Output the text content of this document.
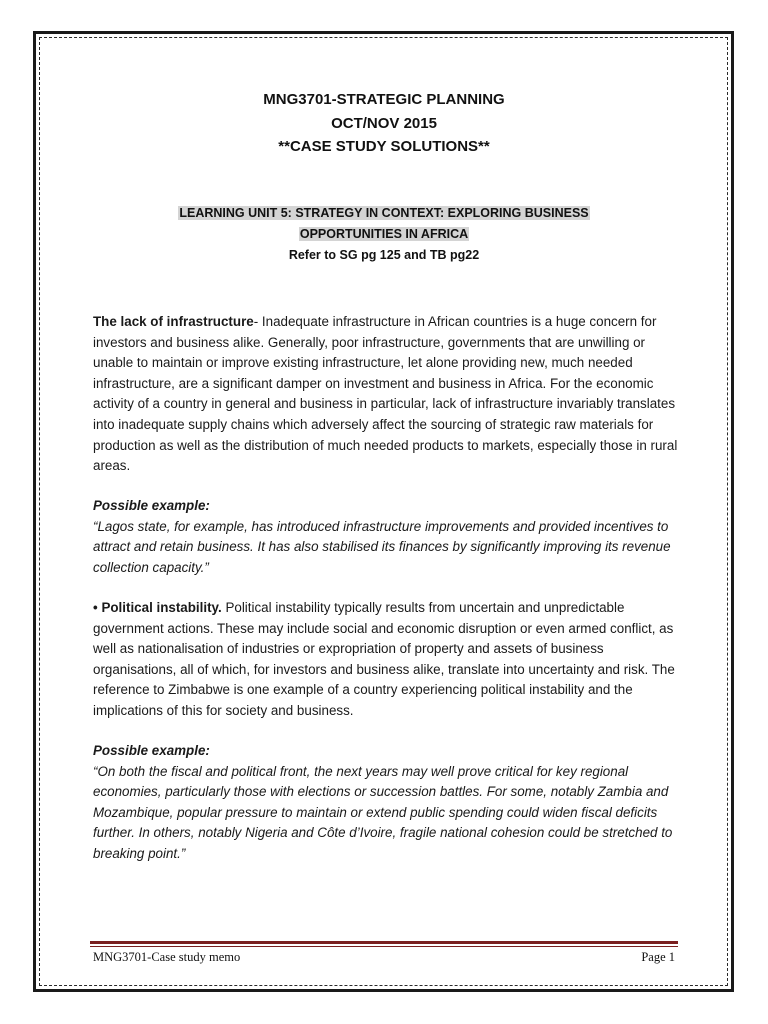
MNG3701-STRATEGIC PLANNING
OCT/NOV 2015
**CASE STUDY SOLUTIONS**
LEARNING UNIT 5: STRATEGY IN CONTEXT: EXPLORING BUSINESS
OPPORTUNITIES IN AFRICA
Refer to SG pg 125 and TB pg22

The lack of infrastructure- Inadequate infrastructure in African countries is a huge concern for investors and business alike. Generally, poor infrastructure, governments that are unwilling or unable to maintain or improve existing infrastructure, let alone providing new, much needed infrastructure, are a significant damper on investment and business in Africa. For the economic activity of a country in general and business in particular, lack of infrastructure invariably translates into inadequate supply chains which adversely affect the sourcing of strategic raw materials for production as well as the distribution of much needed products to markets, especially those in rural areas.

Possible example:

“Lagos state, for example, has introduced infrastructure improvements and provided incentives to attract and retain business. It has also stabilised its finances by significantly improving its revenue collection capacity.”

• Political instability. Political instability typically results from uncertain and unpredictable government actions. These may include social and economic disruption or even armed conflict, as well as nationalisation of industries or expropriation of property and assets of business organisations, all of which, for investors and business alike, translate into uncertainty and risk. The reference to Zimbabwe is one example of a country experiencing political instability and the implications of this for society and business.

Possible example:

“On both the fiscal and political front, the next years may well prove critical for key regional economies, particularly those with elections or succession battles. For some, notably Zambia and Mozambique, popular pressure to maintain or extend public spending could widen fiscal deficits further. In others, notably Nigeria and Côte d’Ivoire, fragile national cohesion could be stretched to breaking point.”

MNG3701-Case study memo	Page 1
